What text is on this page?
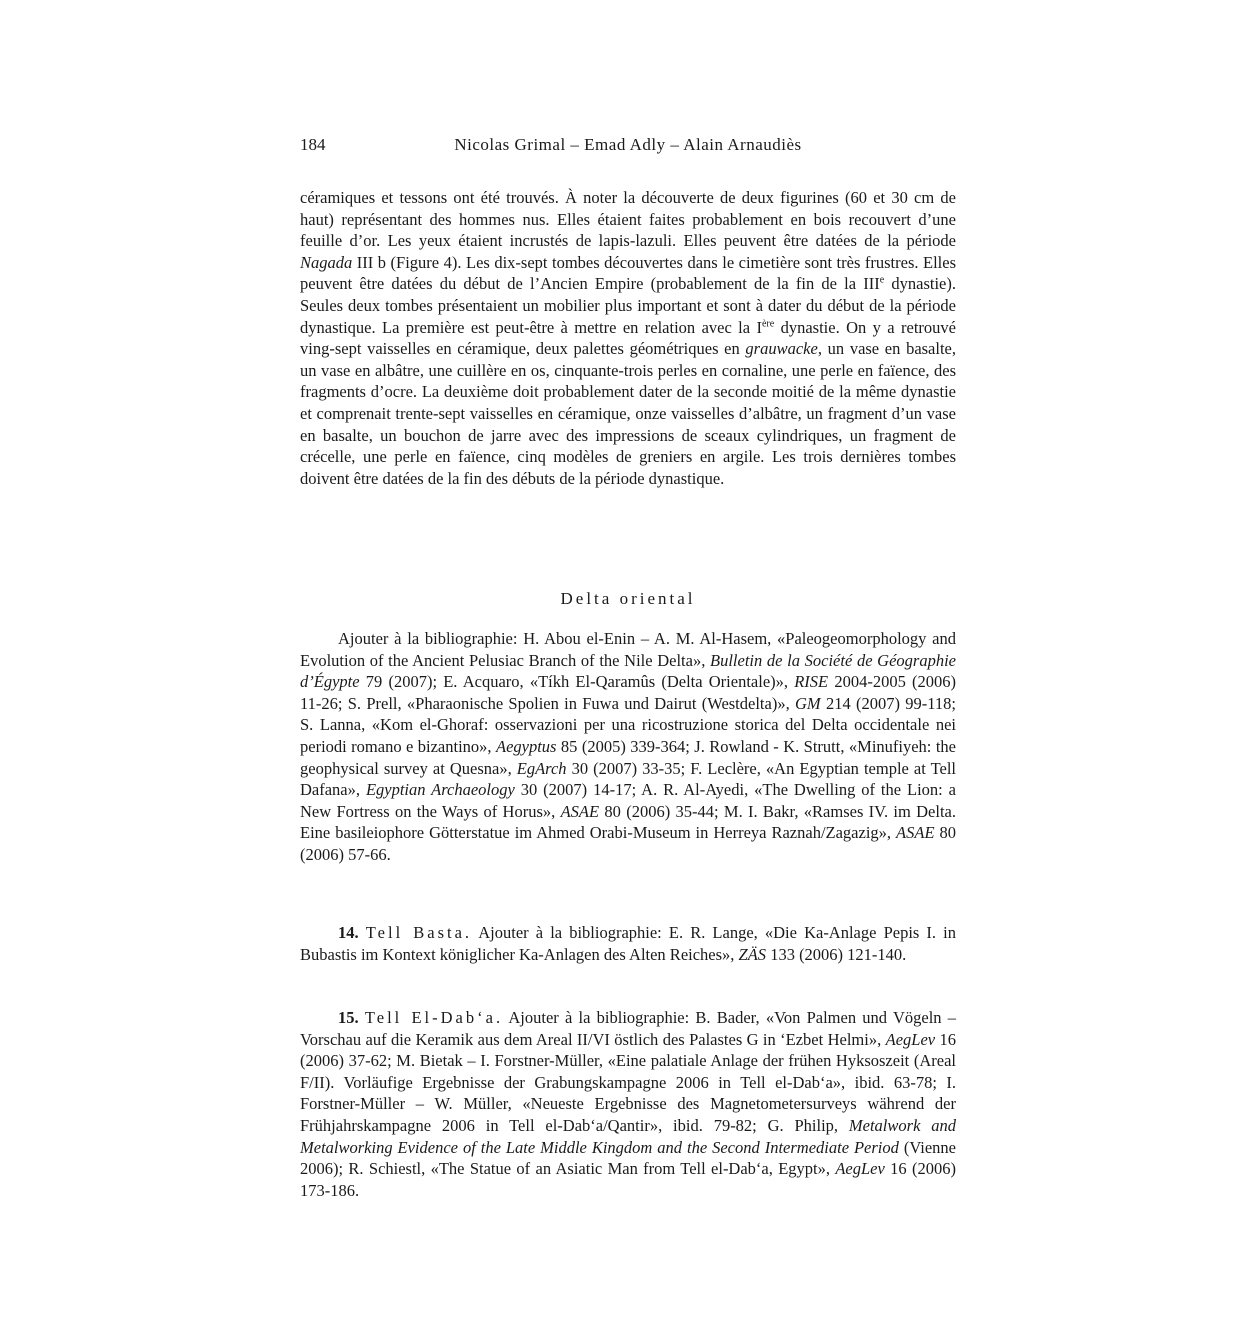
184	Nicolas Grimal – Emad Adly – Alain Arnaudiès

céramiques et tessons ont été trouvés. À noter la découverte de deux figurines (60 et 30 cm de haut) représentant des hommes nus. Elles étaient faites probablement en bois recouvert d’une feuille d’or. Les yeux étaient incrustés de lapis-lazuli. Elles peuvent être datées de la période Nagada III b (Figure 4). Les dix-sept tombes découvertes dans le cimetière sont très frustres. Elles peuvent être datées du début de l’Ancien Empire (probablement de la fin de la IIIe dynastie). Seules deux tombes présentaient un mobilier plus important et sont à dater du début de la période dynastique. La première est peut-être à mettre en relation avec la Ière dynastie. On y a retrouvé ving-sept vaisselles en céramique, deux palettes géométriques en grauwacke, un vase en basalte, un vase en albâtre, une cuillère en os, cinquante-trois perles en cornaline, une perle en faïence, des fragments d’ocre. La deuxième doit probablement dater de la seconde moitié de la même dynastie et comprenait trente-sept vaisselles en céramique, onze vaisselles d’albâtre, un fragment d’un vase en basalte, un bouchon de jarre avec des impressions de sceaux cylindriques, un fragment de crécelle, une perle en faïence, cinq modèles de greniers en argile. Les trois dernières tombes doivent être datées de la fin des débuts de la période dynastique.

Delta oriental

Ajouter à la bibliographie: H. Abou el-Enin – A. M. Al-Hasem, «Paleogeomorphology and Evolution of the Ancient Pelusiac Branch of the Nile Delta», Bulletin de la Société de Géographie d’Égypte 79 (2007); E. Acquaro, «Tíkh El-Qaramûs (Delta Orientale)», RISE 2004-2005 (2006) 11-26; S. Prell, «Pharaonische Spolien in Fuwa und Dairut (Westdelta)», GM 214 (2007) 99-118; S. Lanna, «Kom el-Ghoraf: osservazioni per una ricostruzione storica del Delta occidentale nei periodi romano e bizantino», Aegyptus 85 (2005) 339-364; J. Rowland - K. Strutt, «Minufiyeh: the geophysical survey at Quesna», EgArch 30 (2007) 33-35; F. Leclère, «An Egyptian temple at Tell Dafana», Egyptian Archaeology 30 (2007) 14-17; A. R. Al-Ayedi, «The Dwelling of the Lion: a New Fortress on the Ways of Horus», ASAE 80 (2006) 35-44; M. I. Bakr, «Ramses IV. im Delta. Eine basileiophore Götterstatue im Ahmed Orabi-Museum in Herreya Raznah/Zagazig», ASAE 80 (2006) 57-66.

14. Tell Basta. Ajouter à la bibliographie: E. R. Lange, «Die Ka-Anlage Pepis I. in Bubastis im Kontext königlicher Ka-Anlagen des Alten Reiches», ZÄS 133 (2006) 121-140.

15. Tell El-Dab‘a. Ajouter à la bibliographie: B. Bader, «Von Palmen und Vögeln – Vorschau auf die Keramik aus dem Areal II/VI östlich des Palastes G in ‘Ezbet Helmi», AegLev 16 (2006) 37-62; M. Bietak – I. Forstner-Müller, «Eine palatiale Anlage der frühen Hyksoszeit (Areal F/II). Vorläufige Ergebnisse der Grabungskampagne 2006 in Tell el-Dab‘a», ibid. 63-78; I. Forstner-Müller – W. Müller, «Neueste Ergebnisse des Magnetometersurveys während der Frühjahrskampagne 2006 in Tell el-Dab‘a/Qantir», ibid. 79-82; G. Philip, Metalwork and Metalworking Evidence of the Late Middle Kingdom and the Second Intermediate Period (Vienne 2006); R. Schiestl, «The Statue of an Asiatic Man from Tell el-Dab‘a, Egypt», AegLev 16 (2006) 173-186.
